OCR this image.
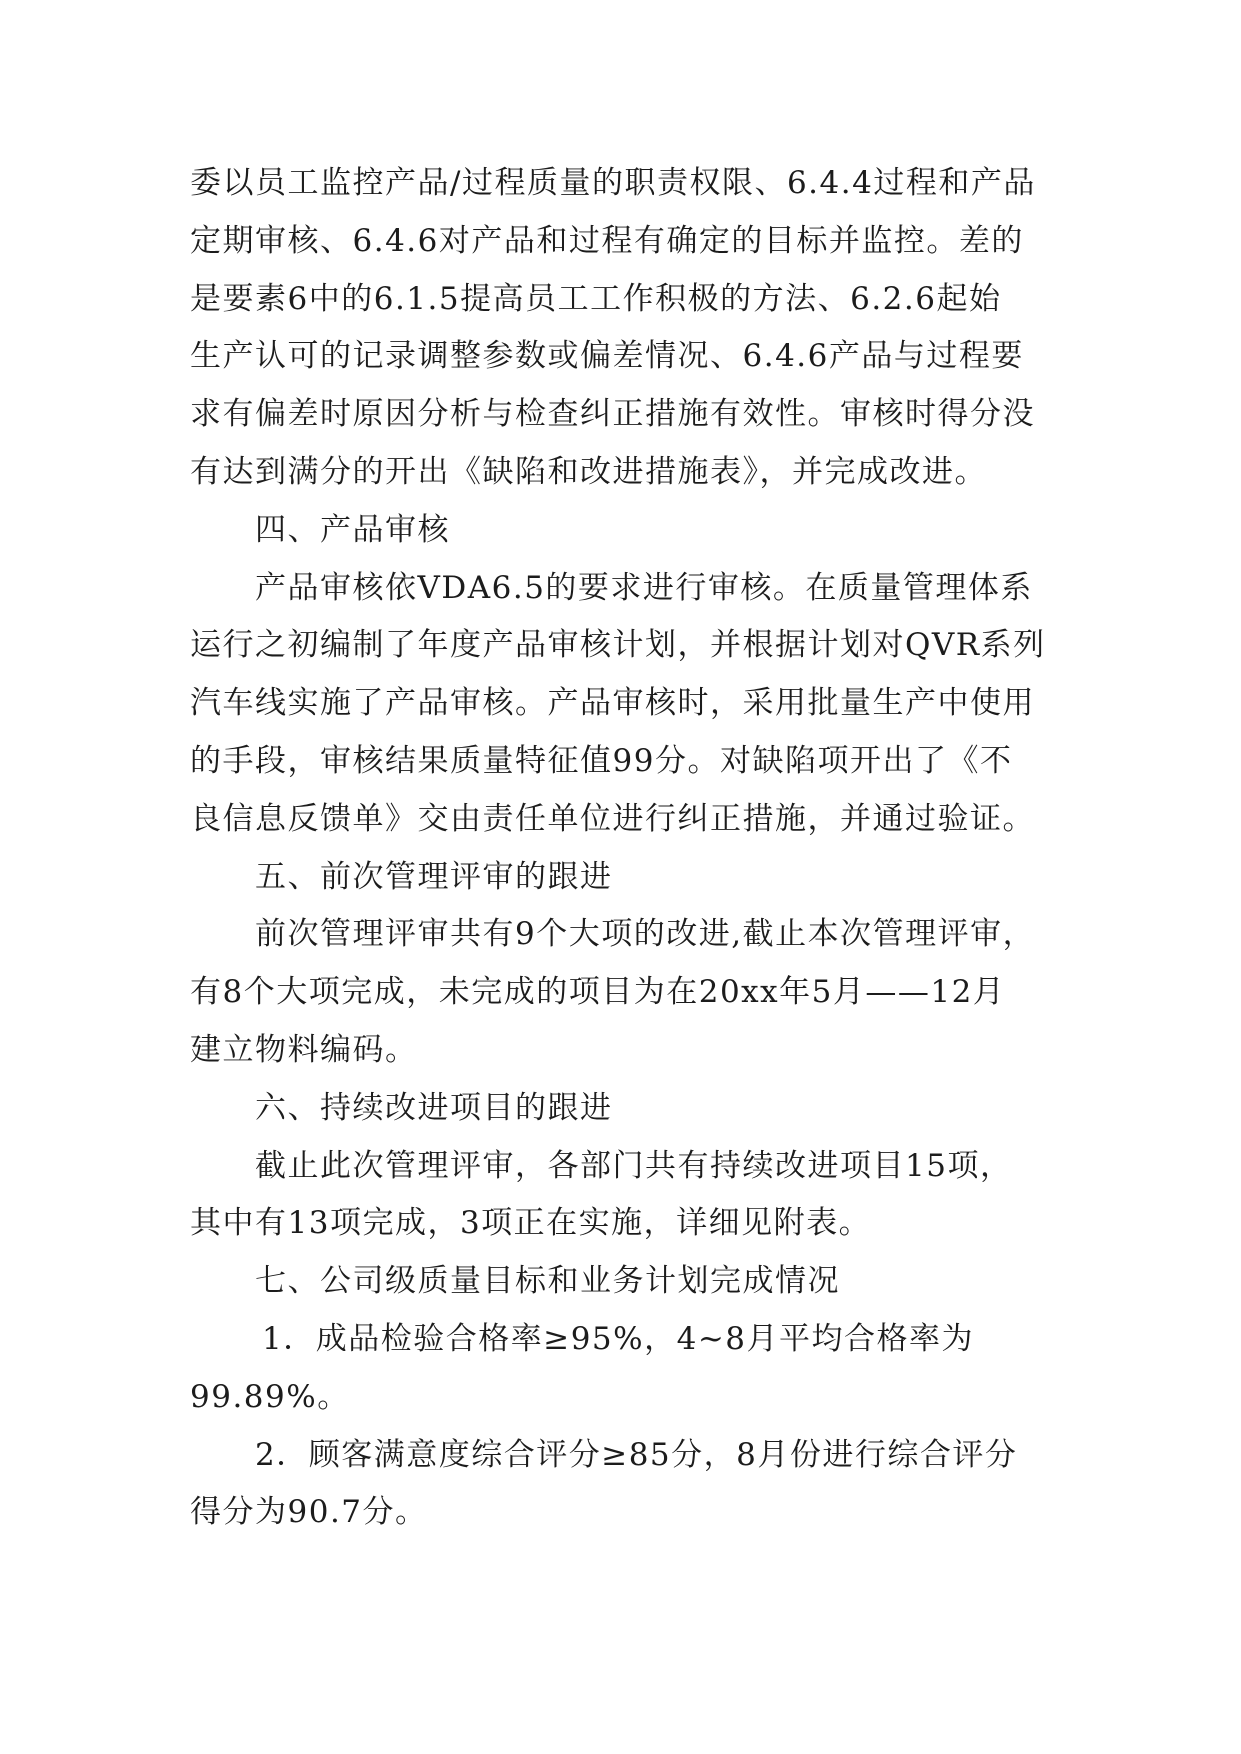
委以员工监控产品/过程质量的职责权限、6.4.4过程和产品
定期审核、6.4.6对产品和过程有确定的目标并监控。差的
是要素6中的6.1.5提高员工工作积极的方法、6.2.6起始
生产认可的记录调整参数或偏差情况、6.4.6产品与过程要
求有偏差时原因分析与检查纠正措施有效性。审核时得分没
有达到满分的开出《缺陷和改进措施表》，并完成改进。
四、产品审核
产品审核依VDA6.5的要求进行审核。在质量管理体系
运行之初编制了年度产品审核计划，并根据计划对QVR系列
汽车线实施了产品审核。产品审核时，采用批量生产中使用
的手段，审核结果质量特征值99分。对缺陷项开出了《不
良信息反馈单》交由责任单位进行纠正措施，并通过验证。
五、前次管理评审的跟进
前次管理评审共有9个大项的改进,截止本次管理评审，
有8个大项完成，未完成的项目为在20xx年5月——12月
建立物料编码。
六、持续改进项目的跟进
截止此次管理评审，各部门共有持续改进项目15项，
其中有13项完成，3项正在实施，详细见附表。
七、公司级质量目标和业务计划完成情况
1．成品检验合格率≥95%，4~8月平均合格率为
99.89%。
2．顾客满意度综合评分≥85分，8月份进行综合评分
得分为90.7分。
